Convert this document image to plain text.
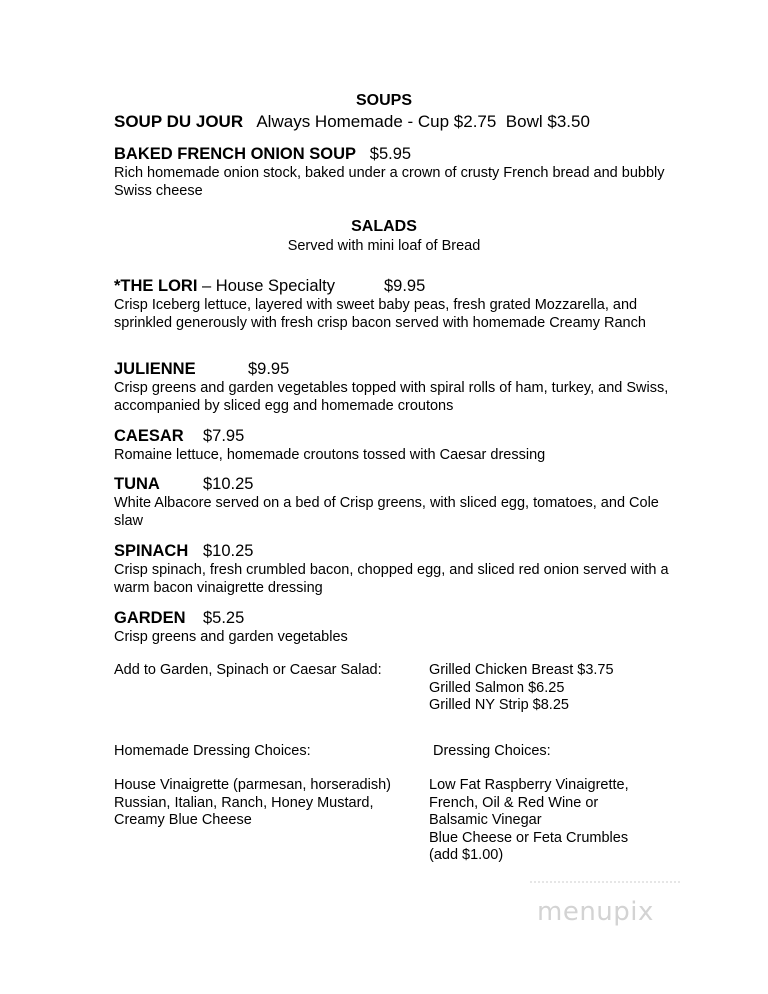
SOUPS
SOUP DU JOUR Always Homemade - Cup $2.75  Bowl $3.50
BAKED FRENCH ONION SOUP $5.95
Rich homemade onion stock, baked under a crown of crusty French bread and bubbly Swiss cheese
SALADS
Served with mini loaf of Bread
*THE LORI – House Specialty	$9.95
Crisp Iceberg lettuce, layered with sweet baby peas, fresh grated Mozzarella, and sprinkled generously with fresh crisp bacon served with homemade Creamy Ranch
JULIENNE	$9.95
Crisp greens and garden vegetables topped with spiral rolls of ham, turkey, and Swiss, accompanied by sliced egg and homemade croutons
CAESAR $7.95
Romaine lettuce, homemade croutons tossed with Caesar dressing
TUNA	$10.25
White Albacore served on a bed of Crisp greens, with sliced egg, tomatoes, and Cole slaw
SPINACH $10.25
Crisp spinach, fresh crumbled bacon, chopped egg, and sliced red onion served with a warm bacon vinaigrette dressing
GARDEN $5.25
Crisp greens and garden vegetables
Add to Garden, Spinach or Caesar Salad:	Grilled Chicken Breast $3.75
Grilled Salmon $6.25
Grilled NY Strip $8.25
Homemade Dressing Choices:	Dressing Choices:
House Vinaigrette (parmesan, horseradish)
Russian, Italian, Ranch, Honey Mustard,
Creamy Blue Cheese
Low Fat Raspberry Vinaigrette,
French, Oil & Red Wine or
Balsamic Vinegar
Blue Cheese or Feta Crumbles
(add $1.00)
menupix
